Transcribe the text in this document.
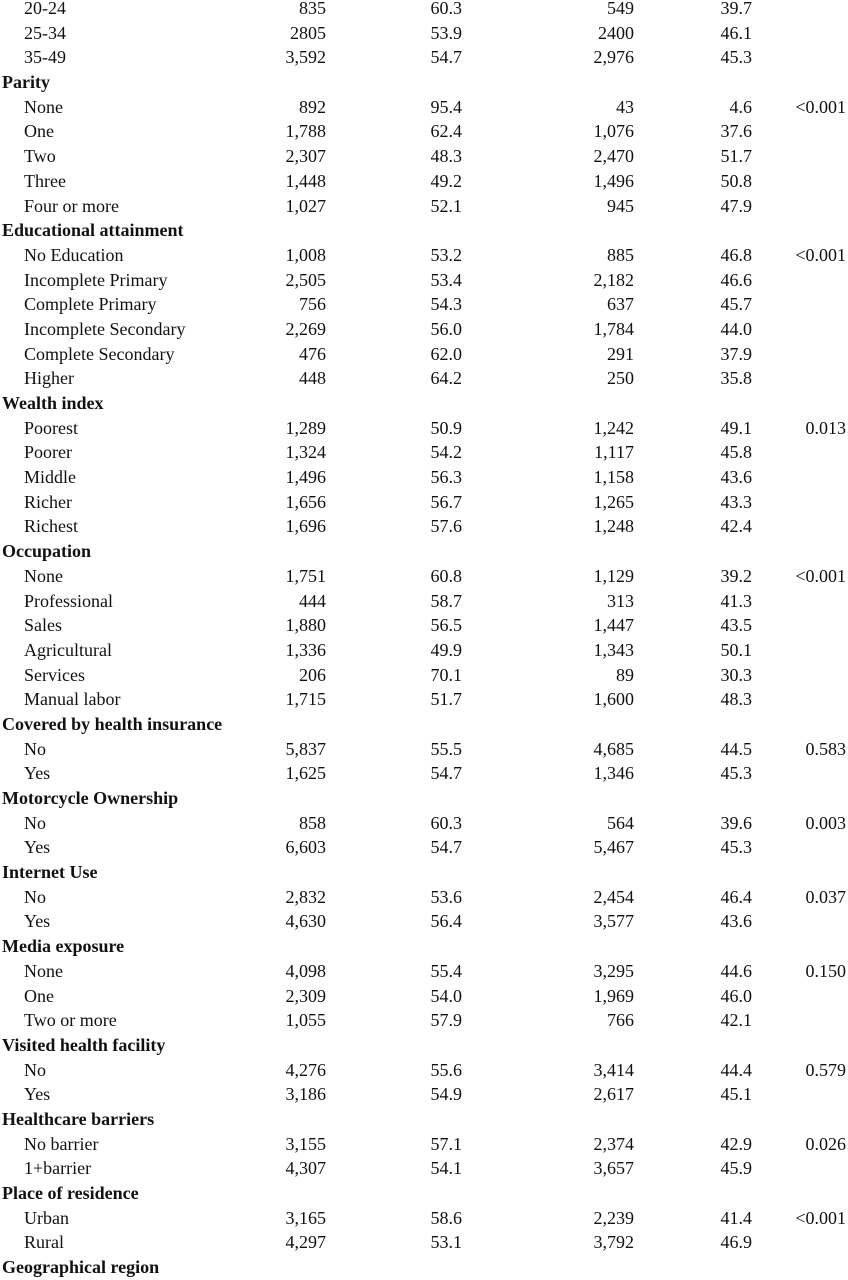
20-24	835	60.3	549	39.7
25-34	2805	53.9	2400	46.1
35-49	3,592	54.7	2,976	45.3
Parity
None	892	95.4	43	4.6	<0.001
One	1,788	62.4	1,076	37.6
Two	2,307	48.3	2,470	51.7
Three	1,448	49.2	1,496	50.8
Four or more	1,027	52.1	945	47.9
Educational attainment
No Education	1,008	53.2	885	46.8	<0.001
Incomplete Primary	2,505	53.4	2,182	46.6
Complete Primary	756	54.3	637	45.7
Incomplete Secondary	2,269	56.0	1,784	44.0
Complete Secondary	476	62.0	291	37.9
Higher	448	64.2	250	35.8
Wealth index
Poorest	1,289	50.9	1,242	49.1	0.013
Poorer	1,324	54.2	1,117	45.8
Middle	1,496	56.3	1,158	43.6
Richer	1,656	56.7	1,265	43.3
Richest	1,696	57.6	1,248	42.4
Occupation
None	1,751	60.8	1,129	39.2	<0.001
Professional	444	58.7	313	41.3
Sales	1,880	56.5	1,447	43.5
Agricultural	1,336	49.9	1,343	50.1
Services	206	70.1	89	30.3
Manual labor	1,715	51.7	1,600	48.3
Covered by health insurance
No	5,837	55.5	4,685	44.5	0.583
Yes	1,625	54.7	1,346	45.3
Motorcycle Ownership
No	858	60.3	564	39.6	0.003
Yes	6,603	54.7	5,467	45.3
Internet Use
No	2,832	53.6	2,454	46.4	0.037
Yes	4,630	56.4	3,577	43.6
Media exposure
None	4,098	55.4	3,295	44.6	0.150
One	2,309	54.0	1,969	46.0
Two or more	1,055	57.9	766	42.1
Visited health facility
No	4,276	55.6	3,414	44.4	0.579
Yes	3,186	54.9	2,617	45.1
Healthcare barriers
No barrier	3,155	57.1	2,374	42.9	0.026
1+barrier	4,307	54.1	3,657	45.9
Place of residence
Urban	3,165	58.6	2,239	41.4	<0.001
Rural	4,297	53.1	3,792	46.9
Geographical region
